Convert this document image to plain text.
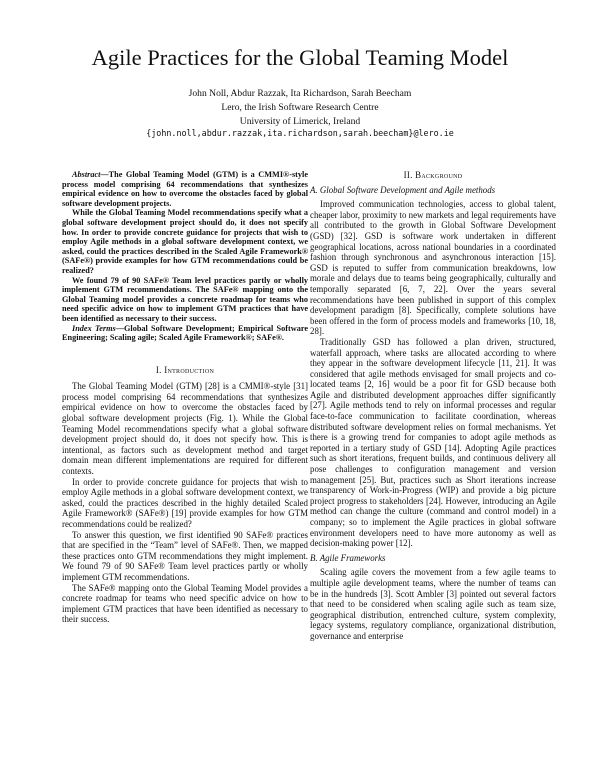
Agile Practices for the Global Teaming Model
John Noll, Abdur Razzak, Ita Richardson, Sarah Beecham
Lero, the Irish Software Research Centre
University of Limerick, Ireland
{john.noll,abdur.razzak,ita.richardson,sarah.beecham}@lero.ie

Abstract—The Global Teaming Model (GTM) is a CMMI®-style process model comprising 64 recommendations that synthesizes empirical evidence on how to overcome the obstacles faced by global software development projects.

While the Global Teaming Model recommendations specify what a global software development project should do, it does not specify how. In order to provide concrete guidance for projects that wish to employ Agile methods in a global software development context, we asked, could the practices described in the Scaled Agile Framework® (SAFe®) provide examples for how GTM recommendations could be realized?

We found 79 of 90 SAFe® Team level practices partly or wholly implement GTM recommendations. The SAFe® mapping onto the Global Teaming model provides a concrete roadmap for teams who need specific advice on how to implement GTM practices that have been identified as necessary to their success.

Index Terms—Global Software Development; Empirical Software Engineering; Scaling agile; Scaled Agile Framework®; SAFe®.

I. Introduction

The Global Teaming Model (GTM) [28] is a CMMI®-style [31] process model comprising 64 recommendations that synthesizes empirical evidence on how to overcome the obstacles faced by global software development projects (Fig. 1). While the Global Teaming Model recommendations specify what a global software development project should do, it does not specify how. This is intentional, as factors such as development method and target domain mean different implementations are required for different contexts.

In order to provide concrete guidance for projects that wish to employ Agile methods in a global software development context, we asked, could the practices described in the highly detailed Scaled Agile Framework® (SAFe®) [19] provide examples for how GTM recommendations could be realized?

To answer this question, we first identified 90 SAFe® practices that are specified in the “Team” level of SAFe®. Then, we mapped these practices onto GTM recommendations they might implement. We found 79 of 90 SAFe® Team level practices partly or wholly implement GTM recommendations.

The SAFe® mapping onto the Global Teaming Model provides a concrete roadmap for teams who need specific advice on how to implement GTM practices that have been identified as necessary to their success.

II. Background

A. Global Software Development and Agile methods

Improved communication technologies, access to global talent, cheaper labor, proximity to new markets and legal requirements have all contributed to the growth in Global Software Development (GSD) [32]. GSD is software work undertaken in different geographical locations, across national boundaries in a coordinated fashion through synchronous and asynchronous interaction [15]. GSD is reputed to suffer from communication breakdowns, low morale and delays due to teams being geographically, culturally and temporally separated [6, 7, 22]. Over the years several recommendations have been published in support of this complex development paradigm [8]. Specifically, complete solutions have been offered in the form of process models and frameworks [10, 18, 28].

Traditionally GSD has followed a plan driven, structured, waterfall approach, where tasks are allocated according to where they appear in the software development lifecycle [11, 21]. It was considered that agile methods envisaged for small projects and co-located teams [2, 16] would be a poor fit for GSD because both Agile and distributed development approaches differ significantly [27]. Agile methods tend to rely on informal processes and regular face-to-face communication to facilitate coordination, whereas distributed software development relies on formal mechanisms. Yet there is a growing trend for companies to adopt agile methods as reported in a tertiary study of GSD [14]. Adopting Agile practices such as short iterations, frequent builds, and continuous delivery all pose challenges to configuration management and version management [25]. But, practices such as Short iterations increase transparency of Work-in-Progress (WIP) and provide a big picture project progress to stakeholders [24]. However, introducing an Agile method can change the culture (command and control model) in a company; so to implement the Agile practices in global software environment developers need to have more autonomy as well as decision-making power [12].

B. Agile Frameworks

Scaling agile covers the movement from a few agile teams to multiple agile development teams, where the number of teams can be in the hundreds [3]. Scott Ambler [3] pointed out several factors that need to be considered when scaling agile such as team size, geographical distribution, entrenched culture, system complexity, legacy systems, regulatory compliance, organizational distribution, governance and enterprise
